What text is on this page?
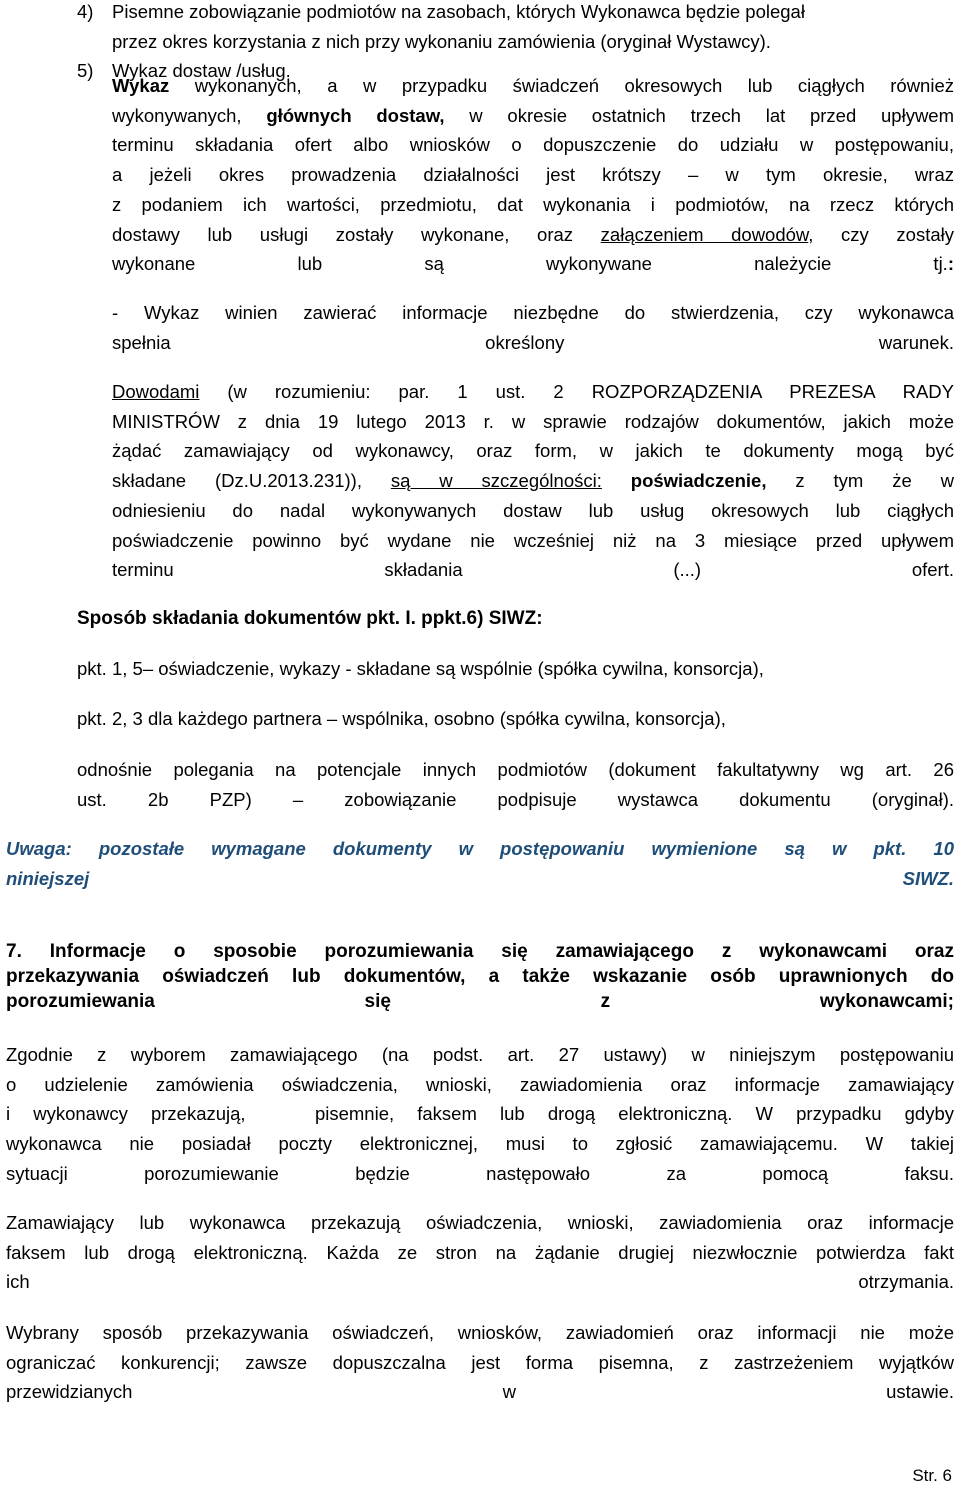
4)	Pisemne zobowiązanie podmiotów na zasobach, których Wykonawca będzie polegał
przez okres korzystania z nich przy wykonaniu zamówienia (oryginał Wystawcy).
5)	Wykaz dostaw /usług.
Wykaz wykonanych, a w przypadku świadczeń okresowych lub ciągłych również
wykonywanych, głównych dostaw, w okresie ostatnich trzech lat przed upływem
terminu składania ofert albo wniosków o dopuszczenie do udziału w postępowaniu,
a jeżeli okres prowadzenia działalności jest krótszy – w tym okresie, wraz
z podaniem ich wartości, przedmiotu, dat wykonania i podmiotów, na rzecz których
dostawy lub usługi zostały wykonane, oraz załączeniem dowodów, czy zostały
wykonane lub są wykonywane należycie tj.:
- Wykaz winien zawierać informacje niezbędne do stwierdzenia, czy wykonawca
spełnia określony warunek.
Dowodami (w rozumieniu: par. 1 ust. 2 ROZPORZĄDZENIA PREZESA RADY
MINISTRÓW z dnia 19 lutego 2013 r. w sprawie rodzajów dokumentów, jakich może
żądać zamawiający od wykonawcy, oraz form, w jakich te dokumenty mogą być
składane (Dz.U.2013.231)), są w szczególności: poświadczenie, z tym że w
odniesieniu do nadal wykonywanych dostaw lub usług okresowych lub ciągłych
poświadczenie powinno być wydane nie wcześniej niż na 3 miesiące przed upływem
terminu składania (...) ofert.
Sposób składania dokumentów pkt. I. ppkt.6) SIWZ:
pkt. 1, 5– oświadczenie, wykazy - składane są wspólnie (spółka cywilna, konsorcja),
pkt. 2, 3 dla każdego partnera – wspólnika, osobno (spółka cywilna, konsorcja),
odnośnie polegania na potencjale innych podmiotów (dokument fakultatywny wg art. 26
ust. 2b PZP) – zobowiązanie podpisuje wystawca dokumentu (oryginał).
Uwaga: pozostałe wymagane dokumenty w postępowaniu wymienione są w pkt. 10
niniejszej SIWZ.
7. Informacje o sposobie porozumiewania się zamawiającego z wykonawcami oraz
przekazywania oświadczeń lub dokumentów, a także wskazanie osób uprawnionych do
porozumiewania się z wykonawcami;
Zgodnie z wyborem zamawiającego (na podst. art. 27 ustawy) w niniejszym postępowaniu
o udzielenie zamówienia oświadczenia, wnioski, zawiadomienia oraz informacje zamawiający
i wykonawcy przekazują,   pisemnie, faksem lub drogą elektroniczną. W przypadku gdyby
wykonawca nie posiadał poczty elektronicznej, musi to zgłosić zamawiającemu. W takiej
sytuacji porozumiewanie będzie następowało za pomocą faksu.
Zamawiający lub wykonawca przekazują oświadczenia, wnioski, zawiadomienia oraz informacje
faksem lub drogą elektroniczną. Każda ze stron na żądanie drugiej niezwłocznie potwierdza fakt
ich otrzymania.
Wybrany sposób przekazywania oświadczeń, wniosków, zawiadomień oraz informacji nie może
ograniczać konkurencji; zawsze dopuszczalna jest forma pisemna, z zastrzeżeniem wyjątków
przewidzianych w ustawie.
Str. 6
